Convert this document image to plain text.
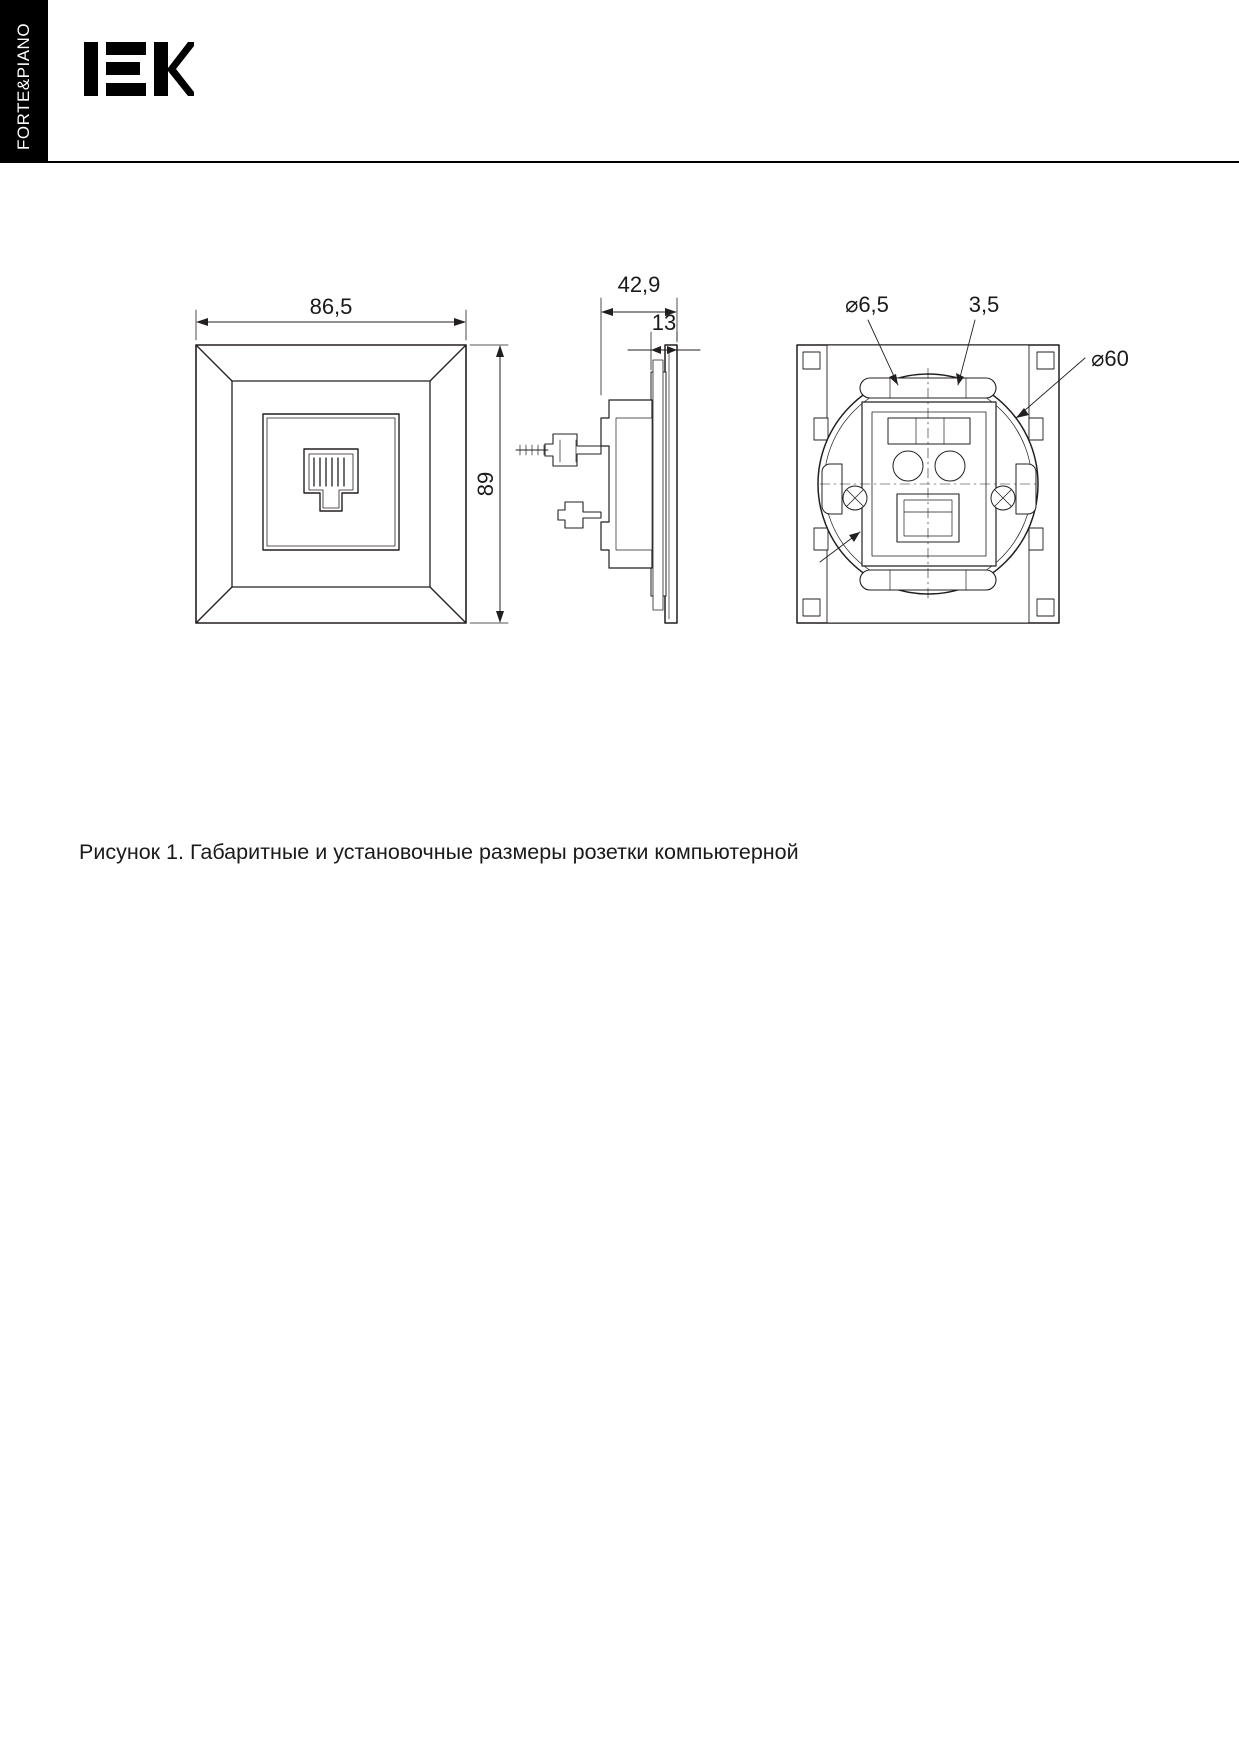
FORTE&PIANO
86,5
89
42,9
13
⌀6,5	3,5
⌀60
Рисунок 1. Габаритные и установочные размеры розетки компьютерной
